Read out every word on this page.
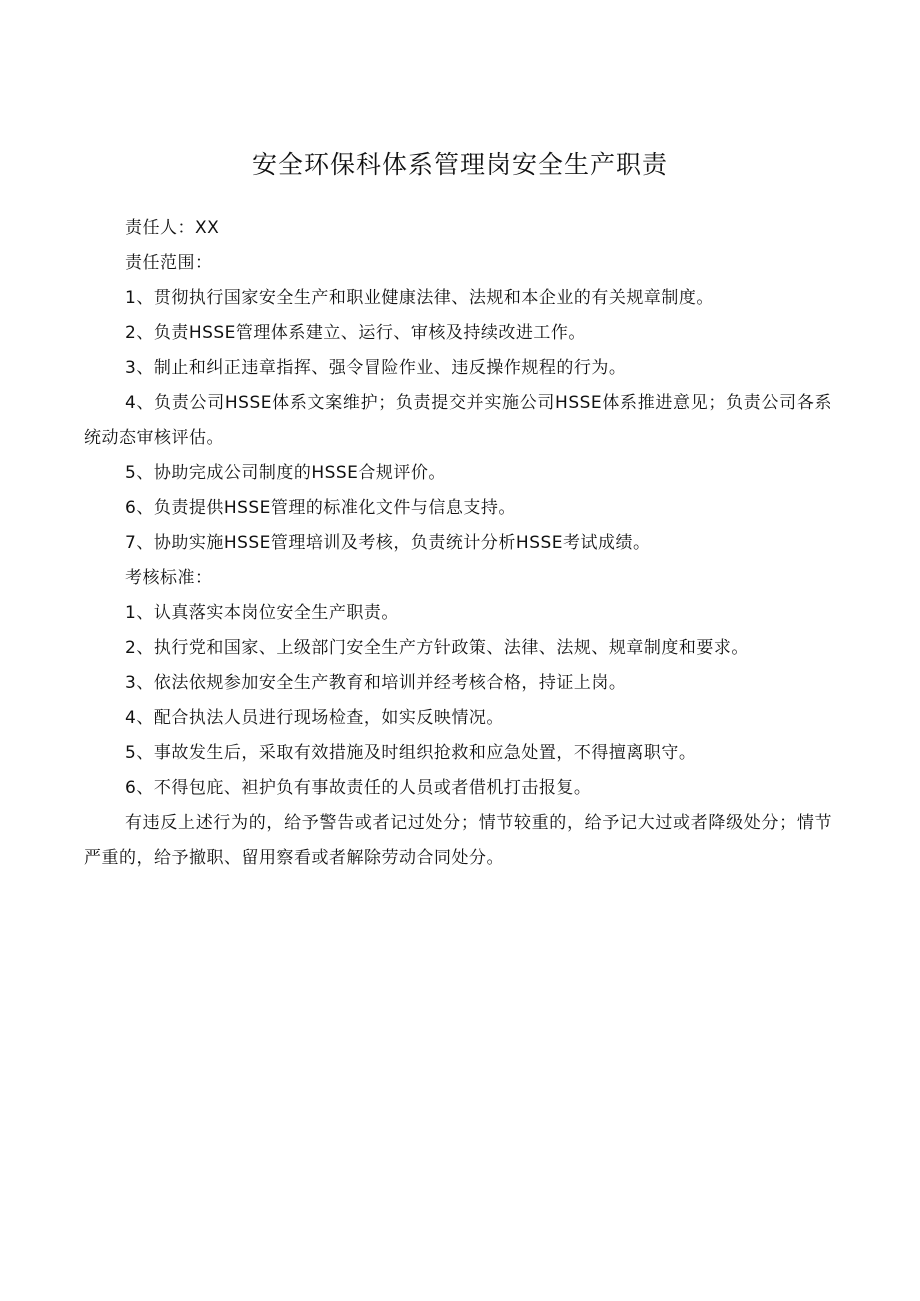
安全环保科体系管理岗安全生产职责

责任人：XX

责任范围：

1、贯彻执行国家安全生产和职业健康法律、法规和本企业的有关规章制度。

2、负责HSSE管理体系建立、运行、审核及持续改进工作。

3、制止和纠正违章指挥、强令冒险作业、违反操作规程的行为。

4、负责公司HSSE体系文案维护；负责提交并实施公司HSSE体系推进意见；负责公司各系统动态审核评估。

5、协助完成公司制度的HSSE合规评价。

6、负责提供HSSE管理的标准化文件与信息支持。

7、协助实施HSSE管理培训及考核，负责统计分析HSSE考试成绩。

考核标准：

1、认真落实本岗位安全生产职责。

2、执行党和国家、上级部门安全生产方针政策、法律、法规、规章制度和要求。

3、依法依规参加安全生产教育和培训并经考核合格，持证上岗。

4、配合执法人员进行现场检查，如实反映情况。

5、事故发生后，采取有效措施及时组织抢救和应急处置，不得擅离职守。

6、不得包庇、袒护负有事故责任的人员或者借机打击报复。

有违反上述行为的，给予警告或者记过处分；情节较重的，给予记大过或者降级处分；情节严重的，给予撤职、留用察看或者解除劳动合同处分。
